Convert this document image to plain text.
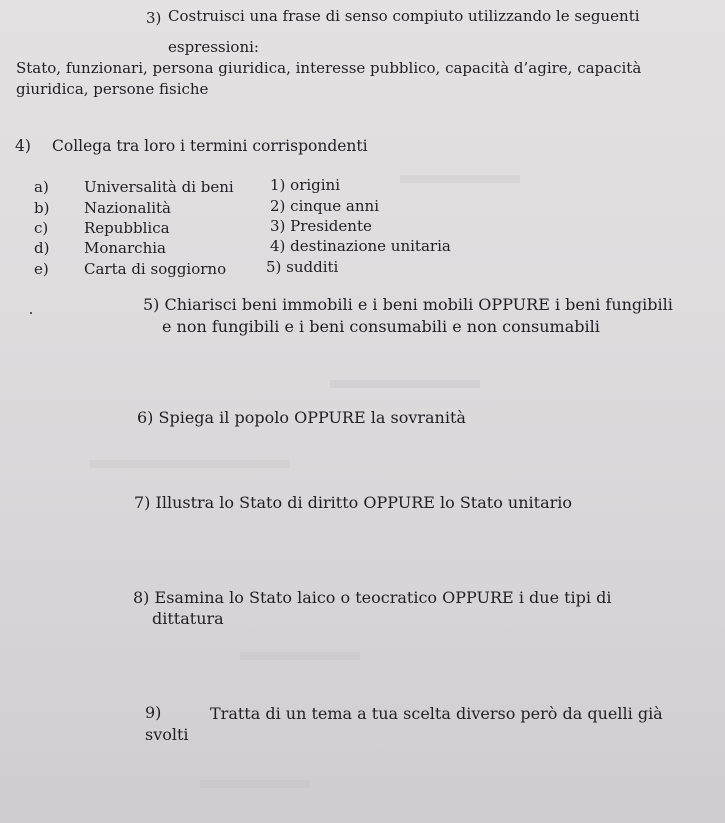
3) Costruisci una frase di senso compiuto utilizzando le seguenti
espressioni:
Stato, funzionari, persona giuridica, interesse pubblico, capacità d’agire, capacità
giuridica, persone fisiche
4) Collega tra loro i termini corrispondenti
a) Universalità di beni 1) origini
b) Nazionalità	2) cinque anni
c) Repubblica	3) Presidente
d) Monarchia	4) destinazione unitaria
e) Carta di soggiorno	5) sudditi
5) Chiarisci beni immobili e i beni mobili OPPURE i beni fungibili
e non fungibili e i beni consumabili e non consumabili
6) Spiega il popolo OPPURE la sovranità
7) Illustra lo Stato di diritto OPPURE lo Stato unitario
8) Esamina lo Stato laico o teocratico OPPURE i due tipi di
dittatura
9)	Tratta di un tema a tua scelta diverso però da quelli già
svolti
